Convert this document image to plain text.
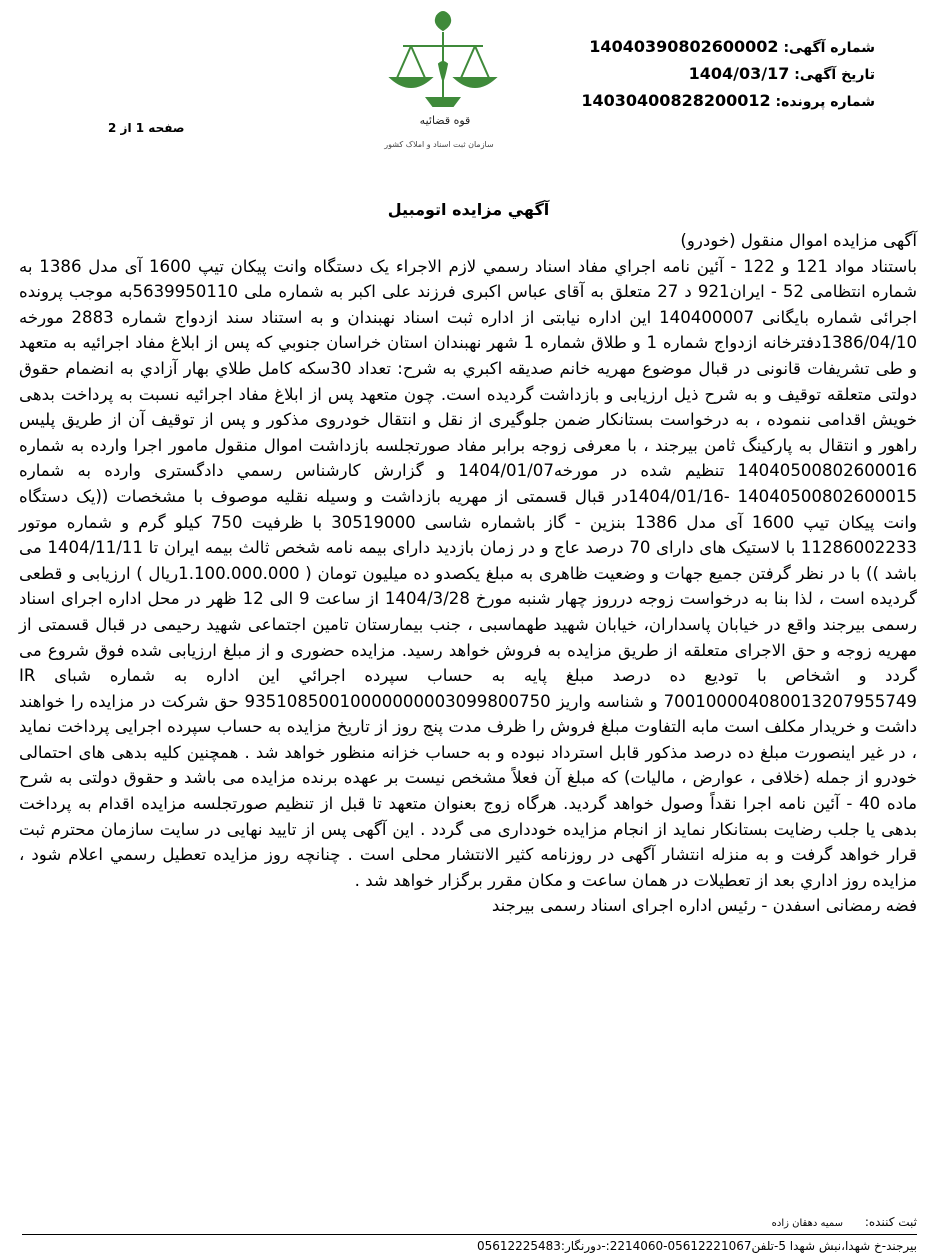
شماره آگهی: 14040390802600002
تاریخ آگهی: 1404/03/17
شماره پرونده: 14030400828200012
قوه قضائیه
سازمان ثبت اسناد و املاک کشور
صفحه 1 از 2
آگهي مزايده اتومبيل

آگهی مزایده اموال منقول (خودرو)

باستناد مواد 121 و 122 - آئین نامه اجراي مفاد اسناد رسمي لازم الاجراء یک دستگاه وانت پیکان تیپ 1600 آی مدل 1386 به شماره انتظامی 52 - ایران921 د 27 متعلق به آقای عباس اکبری فرزند علی اکبر به شماره ملی 5639950110به موجب پرونده اجرائی شماره بایگانی 140400007 این اداره نیابتی از اداره ثبت اسناد نهبندان و به استناد سند ازدواج شماره 2883 مورخه 1386/04/10دفترخانه ازدواج شماره 1 و طلاق شماره 1 شهر نهبندان استان خراسان جنوبي كه پس از ابلاغ مفاد اجرائيه به متعهد و طی تشریفات قانونی در قبال موضوع مهریه خانم صدیقه اکبري به شرح: تعداد 30سکه کامل طلاي بهار آزادي به انضمام حقوق دولتی متعلقه توقیف و به شرح ذیل ارزیابی و بازداشت گردیده است. چون متعهد پس از ابلاغ مفاد اجرائیه نسبت به پرداخت بدهی خویش اقدامی ننموده ، به درخواست بستانکار ضمن جلوگیری از نقل و انتقال خودروی مذکور و پس از توقیف آن از طریق پلیس راهور و انتقال به پارکینگ ثامن بیرجند ، با معرفی زوجه برابر مفاد صورتجلسه بازداشت اموال منقول مامور اجرا وارده به شماره 14040500802600016 تنظیم شده در مورخه1404/01/07 و گزارش کارشناس رسمي دادگستری وارده به شماره 14040500802600015 -1404/01/16در قبال قسمتی از مهریه بازداشت و وسیله نقلیه موصوف با مشخصات ((یک دستگاه وانت پیکان تیپ 1600 آی مدل 1386 بنزین - گاز باشماره شاسی 30519000 با ظرفیت 750 کیلو گرم و شماره موتور 11286002233 با لاستیک های دارای 70 درصد عاج و در زمان بازدید دارای بیمه نامه شخص ثالث بیمه ایران تا 1404/11/11 می باشد )) با در نظر گرفتن جمیع جهات و وضعیت ظاهری به مبلغ یکصدو ده میلیون تومان ( 1.100.000.000ریال ) ارزیابی و قطعی گردیده است ، لذا بنا به درخواست زوجه درروز چهار شنبه مورخ 1404/3/28 از ساعت 9 الی 12 ظهر در محل اداره اجرای اسناد رسمی بیرجند واقع در خیابان پاسداران، خیابان شهید طهماسبی ، جنب بیمارستان تامین اجتماعی شهید رحیمی در قبال قسمتی از مهریه زوجه و حق الاجرای متعلقه از طریق مزایده به فروش خواهد رسید. مزایده حضوری و از مبلغ ارزیابی شده فوق شروع می گردد و اشخاص با تودیع ده درصد مبلغ پایه به حساب سپرده اجرائي این اداره به شماره شبای IR 700100004080013207955749 و شناسه واریز 93510850010000000003099800750 حق شرکت در مزایده را خواهند داشت و خریدار مکلف است مابه التفاوت مبلغ فروش را ظرف مدت پنج روز از تاریخ مزایده به حساب سپرده اجرایی پرداخت نماید ، در غیر اینصورت مبلغ ده درصد مذکور قابل استرداد نبوده و به حساب خزانه منظور خواهد شد . همچنین کلیه بدهی های احتمالی خودرو از جمله (خلافی ، عوارض ، مالیات) که مبلغ آن فعلاً مشخص نیست بر عهده برنده مزایده می باشد و حقوق دولتی به شرح ماده 40 - آئین نامه اجرا نقداً وصول خواهد گردید. هرگاه زوج بعنوان متعهد تا قبل از تنظیم صورتجلسه مزایده اقدام به پرداخت بدهی یا جلب رضایت بستانکار نماید از انجام مزایده خودداری می گردد . این آگهی پس از تایید نهایی در سایت سازمان محترم ثبت قرار خواهد گرفت و به منزله انتشار آگهی در روزنامه کثیر الانتشار محلی است . چنانچه روز مزایده تعطیل رسمي اعلام شود ، مزایده روز اداري بعد از تعطیلات در همان ساعت و مکان مقرر برگزار خواهد شد .

فضه رمضانی اسفدن - رئیس اداره اجرای اسناد رسمی بیرجند

ثبت کننده: سمیه دهقان زاده
بیرجند-خ شهدا،نبش شهدا 5-تلفن05612221067-2214060:-دورنگار:05612225483
